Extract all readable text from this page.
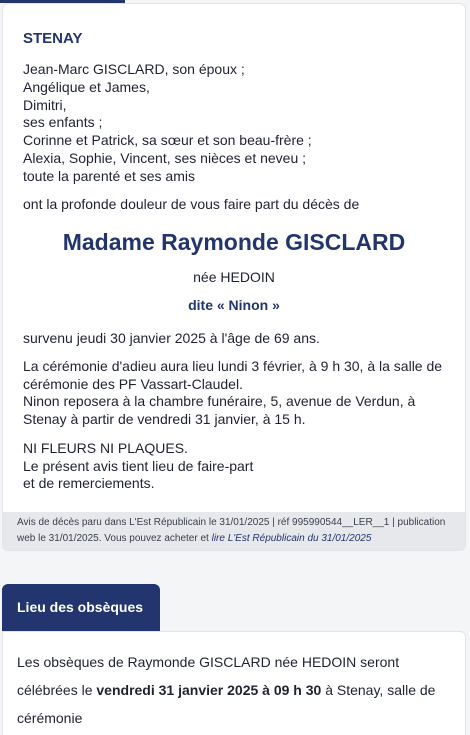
STENAY
Jean-Marc GISCLARD, son époux ;
Angélique et James,
Dimitri,
ses enfants ;
Corinne et Patrick, sa sœur et son beau-frère ;
Alexia, Sophie, Vincent, ses nièces et neveu ;
toute la parenté et ses amis
ont la profonde douleur de vous faire part du décès de
Madame Raymonde GISCLARD
née HEDOIN
dite « Ninon »
survenu jeudi 30 janvier 2025 à l'âge de 69 ans.
La cérémonie d'adieu aura lieu lundi 3 février, à 9 h 30, à la salle de cérémonie des PF Vassart-Claudel.
Ninon reposera à la chambre funéraire, 5, avenue de Verdun, à Stenay à partir de vendredi 31 janvier, à 15 h.
NI FLEURS NI PLAQUES.
Le présent avis tient lieu de faire-part
et de remerciements.
Avis de décès paru dans L'Est Républicain le 31/01/2025 | réf 995990544__LER__1 | publication web le 31/01/2025. Vous pouvez acheter et lire L'Est Républicain du 31/01/2025
Lieu des obsèques

Les obsèques de Raymonde GISCLARD née HEDOIN seront célébrées le vendredi 31 janvier 2025 à 09 h 30 à Stenay, salle de cérémonie
